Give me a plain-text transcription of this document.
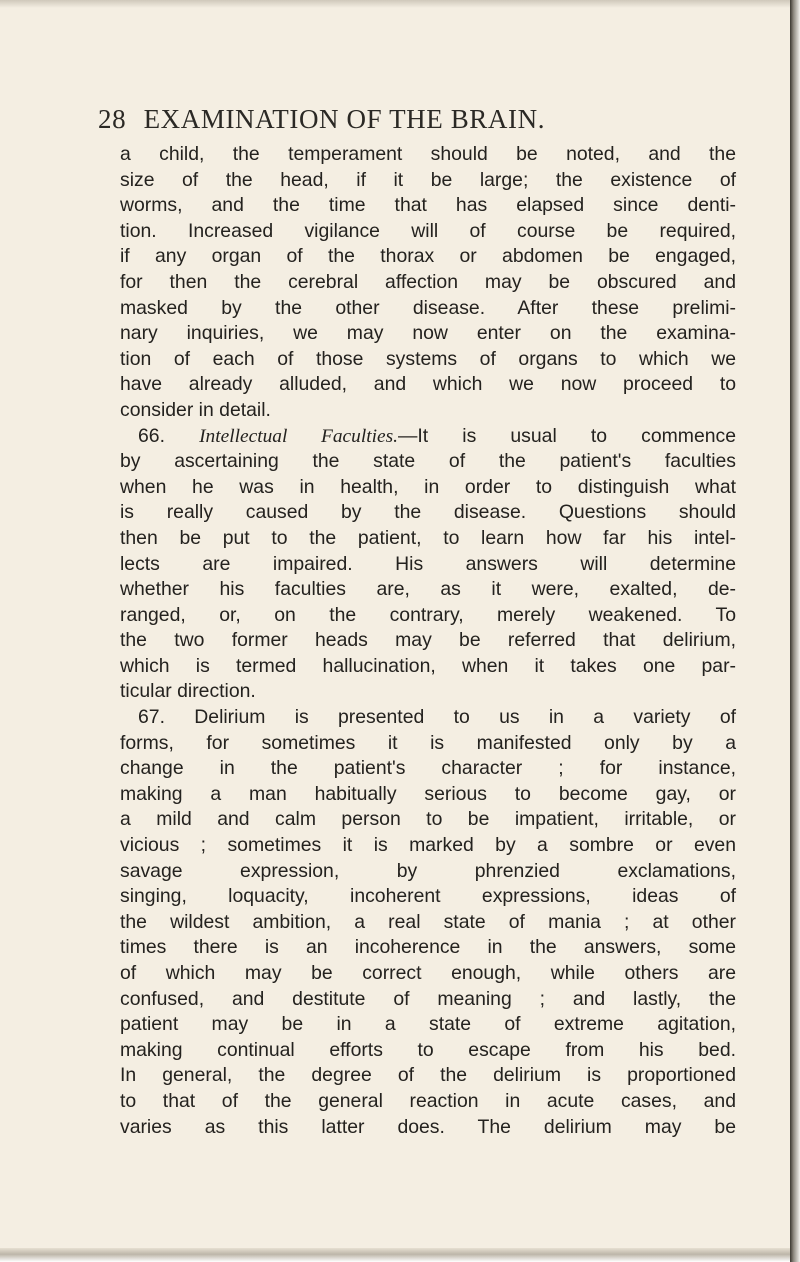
28 EXAMINATION OF THE BRAIN.
a child, the temperament should be noted, and the
size of the head, if it be large; the existence of
worms, and the time that has elapsed since denti-
tion. Increased vigilance will of course be required,
if any organ of the thorax or abdomen be engaged,
for then the cerebral affection may be obscured and
masked by the other disease. After these prelimi-
nary inquiries, we may now enter on the examina-
tion of each of those systems of organs to which we
have already alluded, and which we now proceed to
consider in detail.
66. Intellectual Faculties.—It is usual to commence
by ascertaining the state of the patient's faculties
when he was in health, in order to distinguish what
is really caused by the disease. Questions should
then be put to the patient, to learn how far his intel-
lects are impaired. His answers will determine
whether his faculties are, as it were, exalted, de-
ranged, or, on the contrary, merely weakened. To
the two former heads may be referred that delirium,
which is termed hallucination, when it takes one par-
ticular direction.
67. Delirium is presented to us in a variety of
forms, for sometimes it is manifested only by a
change in the patient's character ; for instance,
making a man habitually serious to become gay, or
a mild and calm person to be impatient, irritable, or
vicious ; sometimes it is marked by a sombre or even
savage expression, by phrenzied exclamations,
singing, loquacity, incoherent expressions, ideas of
the wildest ambition, a real state of mania ; at other
times there is an incoherence in the answers, some
of which may be correct enough, while others are
confused, and destitute of meaning ; and lastly, the
patient may be in a state of extreme agitation,
making continual efforts to escape from his bed.
In general, the degree of the delirium is proportioned
to that of the general reaction in acute cases, and
varies as this latter does. The delirium may be
